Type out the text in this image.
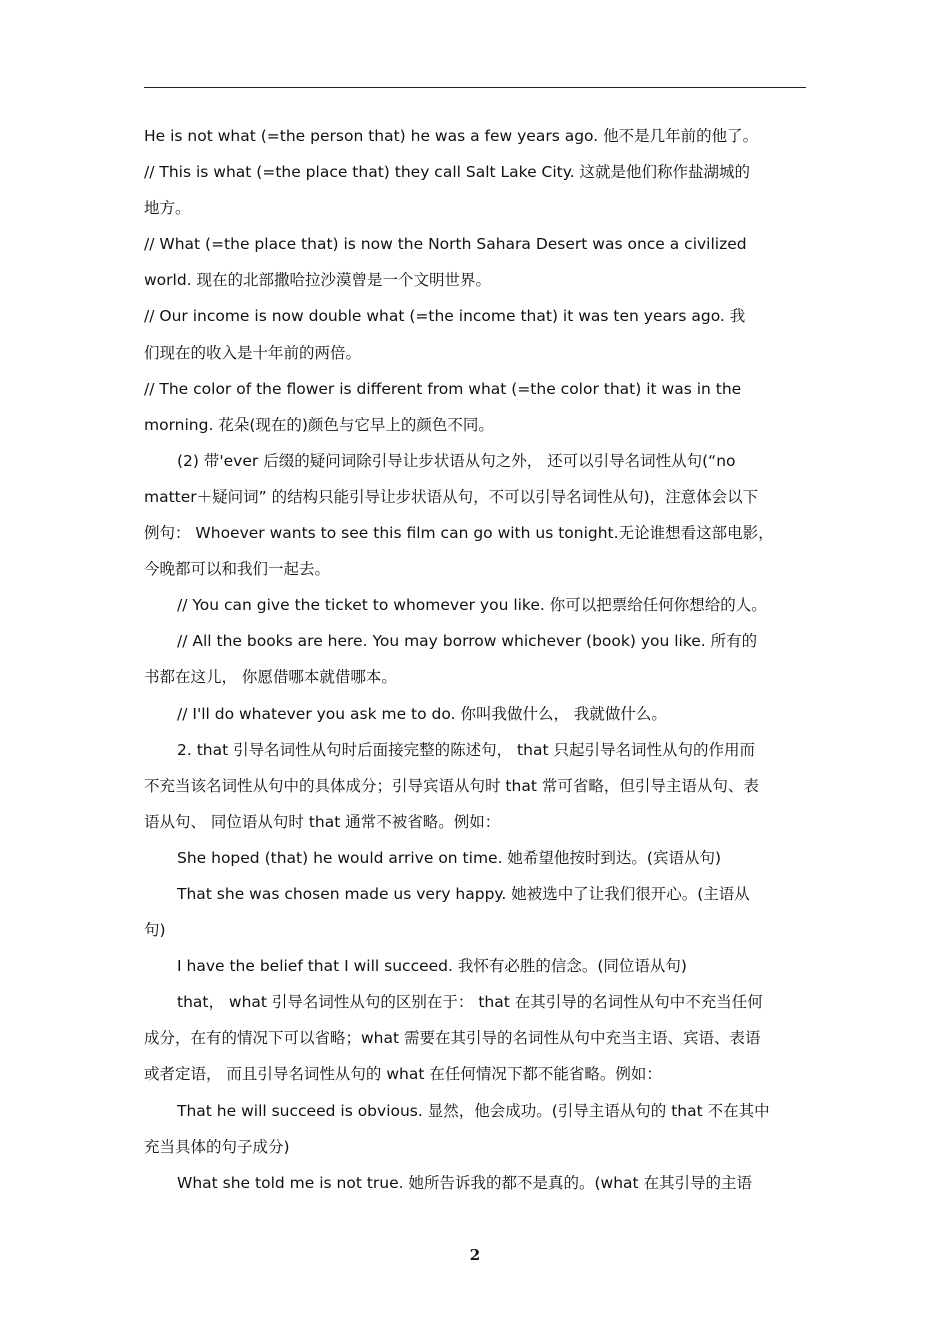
He is not what (=the person that) he was a few years ago. 他不是几年前的他了。
// This is what (=the place that) they call Salt Lake City. 这就是他们称作盐湖城的
地方。
// What (=the place that) is now the North Sahara Desert was once a civilized
world. 现在的北部撒哈拉沙漠曾是一个文明世界。
// Our income is now double what (=the income that) it was ten years ago. 我
们现在的收入是十年前的两倍。
// The color of the flower is different from what (=the color that) it was in the
morning. 花朵(现在的)颜色与它早上的颜色不同。
(2) 带'ever 后缀的疑问词除引导让步状语从句之外， 还可以引导名词性从句(“no
matter＋疑问词” 的结构只能引导让步状语从句，不可以引导名词性从句)，注意体会以下
例句： Whoever wants to see this film can go with us tonight.无论谁想看这部电影，
今晚都可以和我们一起去。
// You can give the ticket to whomever you like. 你可以把票给任何你想给的人。
// All the books are here. You may borrow whichever (book) you like. 所有的
书都在这儿， 你愿借哪本就借哪本。
// I'll do whatever you ask me to do. 你叫我做什么， 我就做什么。
2. that 引导名词性从句时后面接完整的陈述句， that 只起引导名词性从句的作用而
不充当该名词性从句中的具体成分；引导宾语从句时 that 常可省略，但引导主语从句、表
语从句、 同位语从句时 that 通常不被省略。例如：
She hoped (that) he would arrive on time. 她希望他按时到达。(宾语从句)
That she was chosen made us very happy. 她被选中了让我们很开心。(主语从
句)
I have the belief that I will succeed. 我怀有必胜的信念。(同位语从句)
that， what 引导名词性从句的区别在于： that 在其引导的名词性从句中不充当任何
成分，在有的情况下可以省略；what 需要在其引导的名词性从句中充当主语、宾语、表语
或者定语， 而且引导名词性从句的 what 在任何情况下都不能省略。例如：
That he will succeed is obvious. 显然，他会成功。(引导主语从句的 that 不在其中
充当具体的句子成分)
What she told me is not true. 她所告诉我的都不是真的。(what 在其引导的主语
2
